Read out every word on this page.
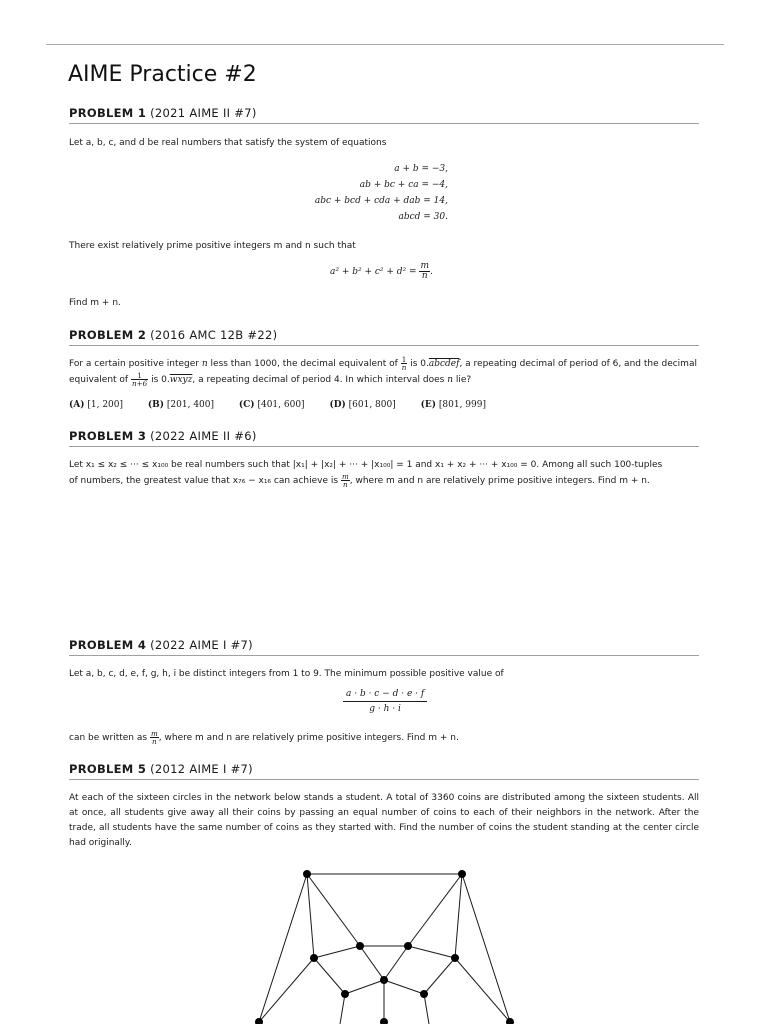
AIME Practice #2
PROBLEM 1 (2021 AIME II #7)
Let a, b, c, and d be real numbers that satisfy the system of equations
a + b = −3,
ab + bc + ca = −4,
abc + bcd + cda + dab = 14,
abcd = 30.
There exist relatively prime positive integers m and n such that
$a^2 + b^2 + c^2 + d^2 = \frac{m}{n}$ .
Find m + n.
PROBLEM 2 (2016 AMC 12B #22)
For a certain positive integer n less than 1000, the decimal equivalent of $\frac{1}{n}$ is 0.abcdef, a repeating decimal of period of 6, and the decimal
equivalent of $\frac{1}{n+6}$ is 0.wxyz, a repeating decimal of period 4. In which interval does n lie?
(A) [1, 200]	(B) [201, 400]	(C) [401, 600]	(D) [601, 800]	(E) [801, 999]
PROBLEM 3 (2022 AIME II #6)
Let x₁ ≤ x₂ ≤ ··· ≤ x₁₀₀ be real numbers such that |x₁| + |x₂| + ··· + |x₁₀₀| = 1 and x₁ + x₂ + ··· + x₁₀₀ = 0. Among all such 100-tuples
of numbers, the greatest value that x₇₆ − x₁₆ can achieve is $\frac{m}{n}$ , where m and n are relatively prime positive integers. Find m + n.
PROBLEM 4 (2022 AIME I #7)
Let a, b, c, d, e, f, g, h, i be distinct integers from 1 to 9. The minimum possible positive value of
$\frac{a \cdot b \cdot c - d \cdot e \cdot f}{g \cdot h \cdot i}$
can be written as $\frac{m}{n}$ , where m and n are relatively prime positive integers. Find m + n.
PROBLEM 5 (2012 AIME I #7)
At each of the sixteen circles in the network below stands a student. A total of 3360 coins are distributed among the sixteen students. All at once, all students give away all their coins by passing an equal number of coins to each of their neighbors in the network. After the trade, all students have the same number of coins as they started with. Find the number of coins the student standing at the center circle had originally.
